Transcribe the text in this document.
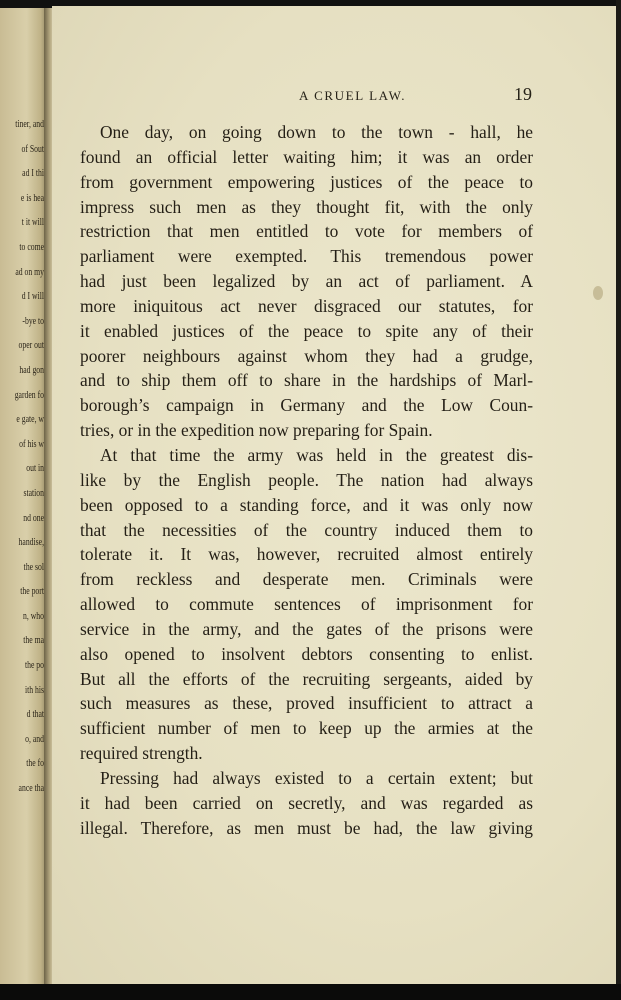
tiner, and
of Sout
ad I thi
e is hea
t it will
to come
ad on my
d I will
-bye to
oper out
had gon
garden fo
e gate, w
of his w
out in
station
nd one
handise,
the sol
the port
n, who
the ma
the po
ith his
d that
o, and
the fo
ance tha
A CRUEL LAW.	19
One day, on going down to the town - hall, he
found an official letter waiting him; it was an order
from government empowering justices of the peace to
impress such men as they thought fit, with the only
restriction that men entitled to vote for members of
parliament were exempted. This tremendous power
had just been legalized by an act of parliament. A
more iniquitous act never disgraced our statutes, for
it enabled justices of the peace to spite any of their
poorer neighbours against whom they had a grudge,
and to ship them off to share in the hardships of Marl-
borough’s campaign in Germany and the Low Coun-
tries, or in the expedition now preparing for Spain.
At that time the army was held in the greatest dis-
like by the English people. The nation had always
been opposed to a standing force, and it was only now
that the necessities of the country induced them to
tolerate it. It was, however, recruited almost entirely
from reckless and desperate men. Criminals were
allowed to commute sentences of imprisonment for
service in the army, and the gates of the prisons were
also opened to insolvent debtors consenting to enlist.
But all the efforts of the recruiting sergeants, aided by
such measures as these, proved insufficient to attract a
sufficient number of men to keep up the armies at the
required strength.
Pressing had always existed to a certain extent; but
it had been carried on secretly, and was regarded as
illegal. Therefore, as men must be had, the law giving
